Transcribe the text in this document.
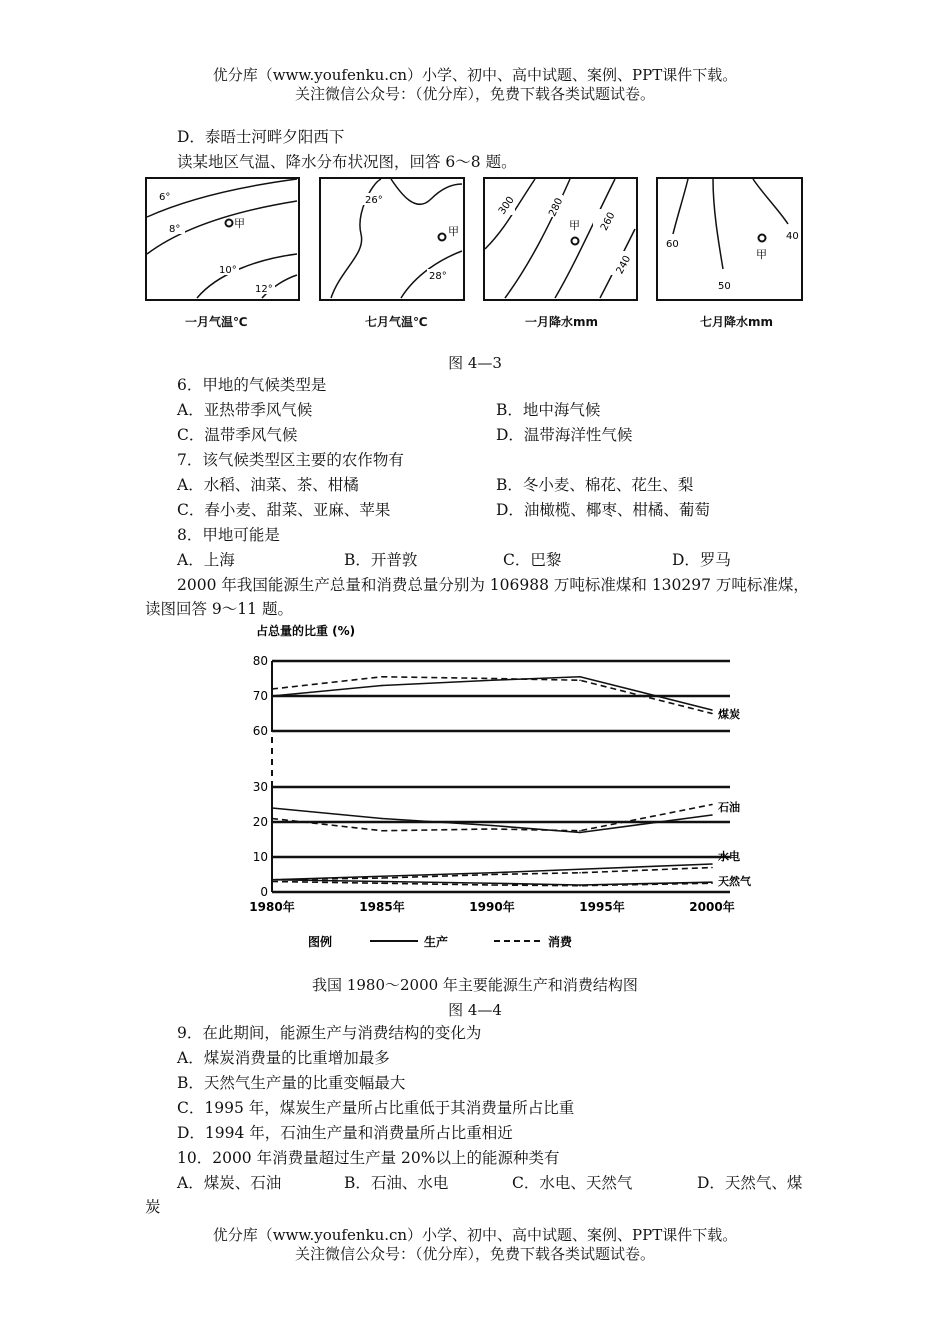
优分库（www.youfenku.cn）小学、初中、高中试题、案例、PPT课件下载。
关注微信公众号：（优分库），免费下载各类试题试卷。
D．泰晤士河畔夕阳西下
读某地区气温、降水分布状况图，回答 6～8 题。
6°
8°
10°
12°
甲
一月气温℃
26°
28°
甲
七月气温℃
300	280
260
240
甲
一月降水mm
60
50
40
甲
七月降水mm
图 4—3
6．甲地的气候类型是
A．亚热带季风气候	B．地中海气候
C．温带季风气候	D．温带海洋性气候
7．该气候类型区主要的农作物有
A．水稻、油菜、茶、柑橘	B．冬小麦、棉花、花生、梨
C．春小麦、甜菜、亚麻、苹果	D．油橄榄、椰枣、柑橘、葡萄
8．甲地可能是
A．上海	B．开普敦	C．巴黎	D．罗马
2000 年我国能源生产总量和消费总量分别为 106988 万吨标准煤和 130297 万吨标准煤，
读图回答 9～11 题。
占总量的比重 (%)
80
70
60
30
20
10
0
1980年	1985年	1990年	1995年	2000年
煤炭
石油
水电
天然气
图例	生产	消费
我国 1980～2000 年主要能源生产和消费结构图
图 4—4
9．在此期间，能源生产与消费结构的变化为
A．煤炭消费量的比重增加最多
B．天然气生产量的比重变幅最大
C．1995 年，煤炭生产量所占比重低于其消费量所占比重
D．1994 年，石油生产量和消费量所占比重相近
10．2000 年消费量超过生产量 20%以上的能源种类有
A．煤炭、石油	B．石油、水电	C．水电、天然气	D．天然气、煤
炭
优分库（www.youfenku.cn）小学、初中、高中试题、案例、PPT课件下载。
关注微信公众号：（优分库），免费下载各类试题试卷。
